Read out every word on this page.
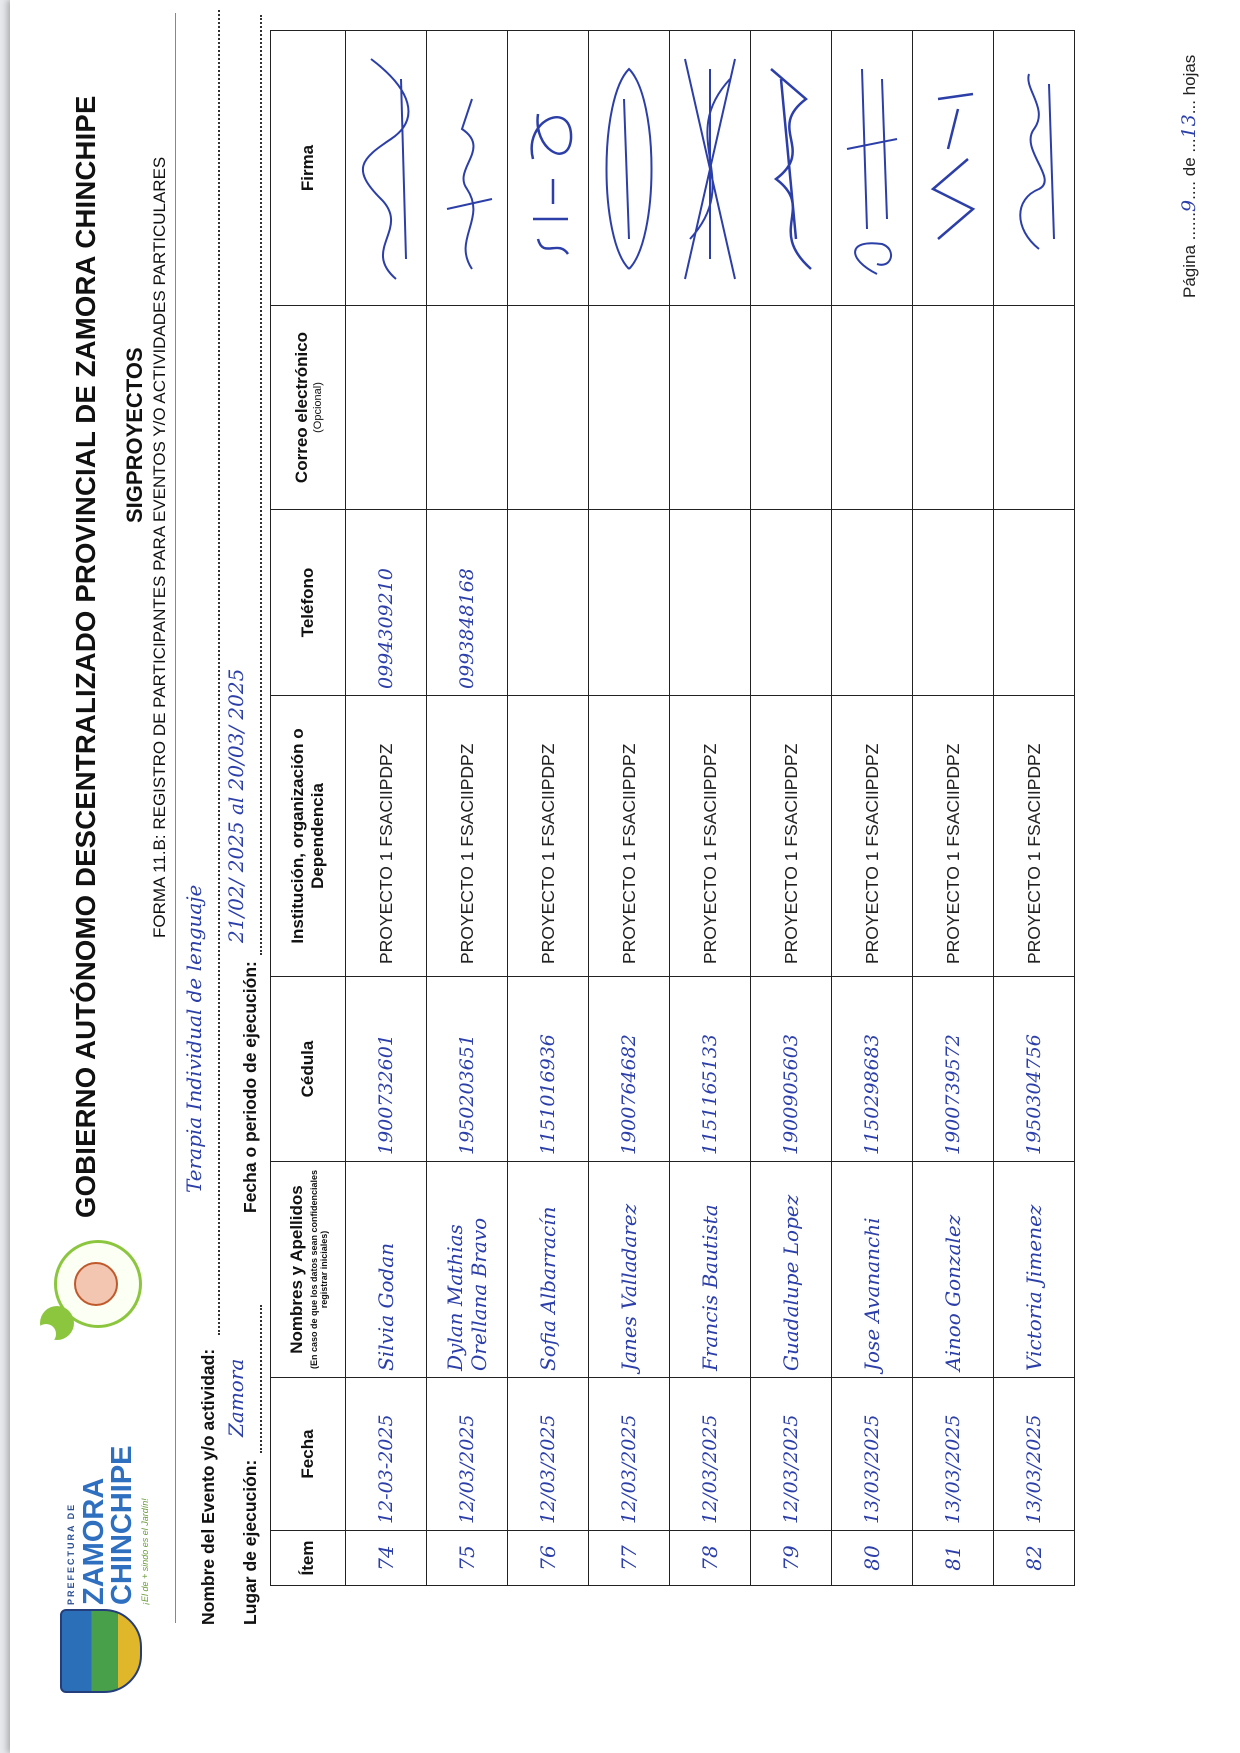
PREFECTURA DE ZAMORA
CHINCHIPE ¡El de + sindo es el Jardín!
GOBIERNO AUTÓNOMO DESCENTRALIZADO PROVINCIAL DE ZAMORA CHINCHIPE SIGPROYECTOS FORMA 11.B: REGISTRO DE PARTICIPANTES PARA EVENTOS Y/O ACTIVIDADES PARTICULARES
Nombre del Evento y/o actividad:
Terapia Individual de lenguaje
Lugar de ejecución:
Zamora
Fecha o periodo de ejecución:
21/02/ 2025 al 20/03/ 2025
Ítem	Fecha	Nombres y Apellidos (En caso de que los datos sean confidenciales registrar iniciales)	Cédula	Institución, organización o Dependencia	Teléfono	Correo electrónico (Opcional)	Firma
74	12-03-2025	Silvia Godan	1900732601	PROYECTO 1 FSACIIPDPZ	0994309210		

75	12/03/2025	Dylan Mathias Orellana Bravo	1950203651	PROYECTO 1 FSACIIPDPZ	0993848168		

76	12/03/2025	Sofia Albarracín	1151016936	PROYECTO 1 FSACIIPDPZ			

77	12/03/2025	Janes Valladarez	1900764682	PROYECTO 1 FSACIIPDPZ			

78	12/03/2025	Francis Bautista	1151165133	PROYECTO 1 FSACIIPDPZ			

79	12/03/2025	Guadalupe Lopez	1900905603	PROYECTO 1 FSACIIPDPZ			

80	13/03/2025	Jose Avananchi	1150298683	PROYECTO 1 FSACIIPDPZ			

81	13/03/2025	Ainoo Gonzalez	1900739572	PROYECTO 1 FSACIIPDPZ			

82	13/03/2025	Victoria Jimenez	1950304756	PROYECTO 1 FSACIIPDPZ			
Página ......9.... de ...13... hojas
